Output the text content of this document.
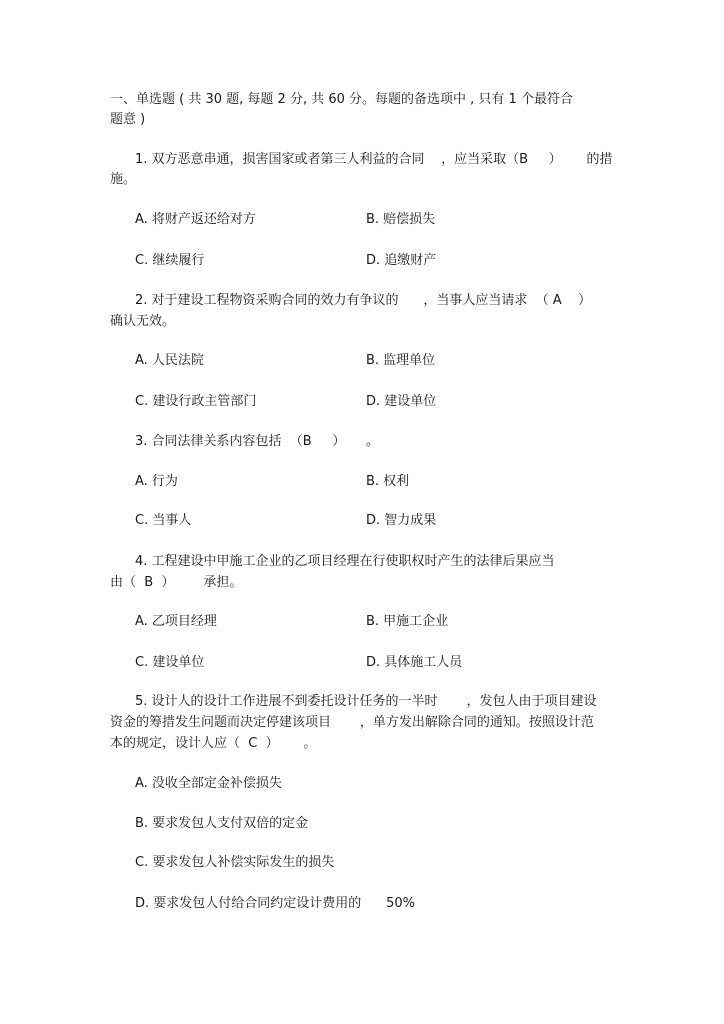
一、单选题 ( 共 30 题, 每题 2 分, 共 60 分。每题的备选项中 , 只有 1 个最符合
题意 )
1. 双方恶意串通，损害国家或者第三人利益的合同    ，应当采取（B     ）      的措
施。
A. 将财产返还给对方	B. 赔偿损失
C. 继续履行	D. 追缴财产
2. 对于建设工程物资采购合同的效力有争议的      ，当事人应当请求  （ A    ）
确认无效。
A. 人民法院	B. 监理单位
C. 建设行政主管部门	D. 建设单位
3. 合同法律关系内容包括  （B     ）     。
A. 行为	B. 权利
C. 当事人	D. 智力成果
4. 工程建设中甲施工企业的乙项目经理在行使职权时产生的法律后果应当
由（  B  ）       承担。
A. 乙项目经理	B. 甲施工企业
C. 建设单位	D. 具体施工人员
5. 设计人的设计工作进展不到委托设计任务的一半时       ，发包人由于项目建设
资金的筹措发生问题而决定停建该项目       ，单方发出解除合同的通知。按照设计范
本的规定，设计人应（  C  ）      。
A. 没收全部定金补偿损失
B. 要求发包人支付双倍的定金
C. 要求发包人补偿实际发生的损失
D. 要求发包人付给合同约定设计费用的      50%
